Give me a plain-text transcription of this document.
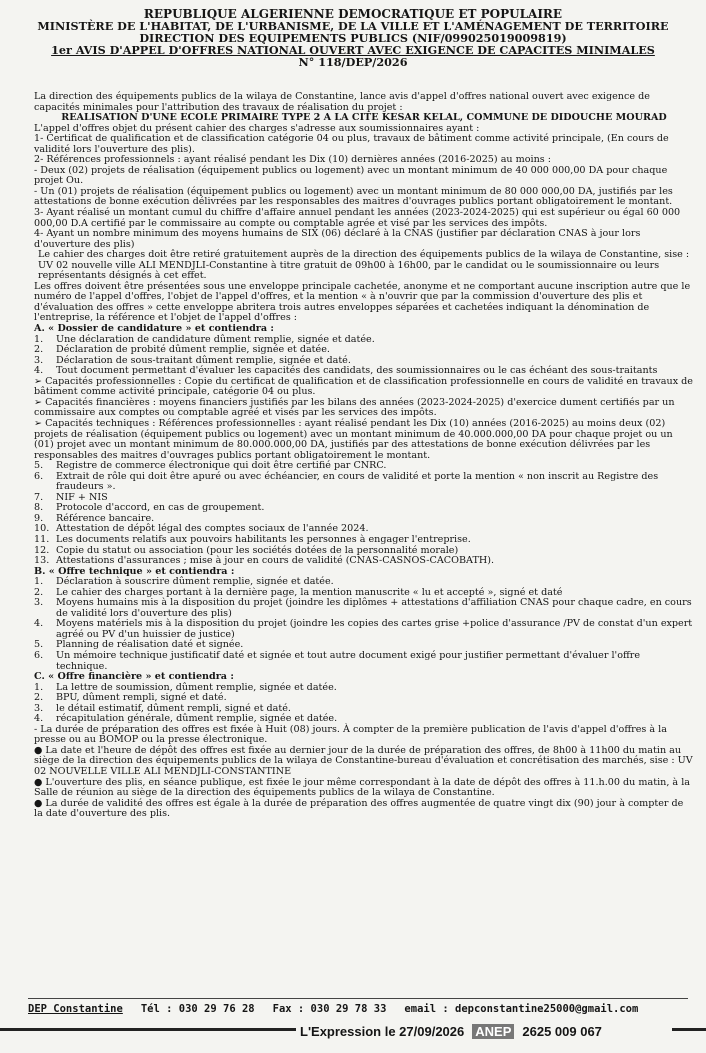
REPUBLIQUE ALGERIENNE DEMOCRATIQUE ET POPULAIRE
MINISTÈRE DE L'HABITAT, DE L'URBANISME, DE LA VILLE ET L'AMÉNAGEMENT DE TERRITOIRE
DIRECTION DES EQUIPEMENTS PUBLICS (NIF/099025019009819)
1er AVIS D'APPEL D'OFFRES NATIONAL OUVERT AVEC EXIGENCE DE CAPACITES MINIMALES
N° 118/DEP/2026

La direction des équipements publics de la wilaya de Constantine, lance avis d'appel d'offres national ouvert avec exigence de capacités minimales pour l'attribution des travaux de réalisation du projet :

REALISATION D'UNE ECOLE PRIMAIRE TYPE 2 A LA CITE KESAR KELAL, COMMUNE DE DIDOUCHE MOURAD

L'appel d'offres objet du présent cahier des charges s'adresse aux soumissionnaires ayant :

1- Certificat de qualification et de classification catégorie 04 ou plus, travaux de bâtiment comme activité principale, (En cours de validité lors l'ouverture des plis).

2- Références professionnels : ayant réalisé pendant les Dix (10) dernières années (2016-2025) au moins :

- Deux (02) projets de réalisation (équipement publics ou logement) avec un montant minimum de 40 000 000,00 DA pour chaque projet Ou.

- Un (01) projets de réalisation (équipement publics ou logement) avec un montant minimum de 80 000 000,00 DA, justifiés par les attestations de bonne exécution délivrées par les responsables des maitres d'ouvrages publics portant obligatoirement le montant.

3- Ayant réalisé un montant cumul du chiffre d'affaire annuel pendant les années (2023-2024-2025) qui est supérieur ou égal 60 000 000,00 D.A certifié par le commissaire au compte ou comptable agrée et visé par les services des impôts.

4- Ayant un nombre minimum des moyens humains de SIX (06) déclaré à la CNAS (justifier par déclaration CNAS à jour lors d'ouverture des plis)

Le cahier des charges doit être retiré gratuitement auprès de la direction des équipements publics de la wilaya de Constantine, sise : UV 02 nouvelle ville ALI MENDJLI-Constantine à titre gratuit de 09h00 à 16h00, par le candidat ou le soumissionnaire ou leurs représentants désignés à cet effet.

Les offres doivent être présentées sous une enveloppe principale cachetée, anonyme et ne comportant aucune inscription autre que le numéro de l'appel d'offres, l'objet de l'appel d'offres, et la mention « à n'ouvrir que par la commission d'ouverture des plis et d'évaluation des offres » cette enveloppe abritera trois autres enveloppes séparées et cachetées indiquant la dénomination de l'entreprise, la référence et l'objet de l'appel d'offres :

A. « Dossier de candidature » et contiendra :

1.	Une déclaration de candidature dûment remplie, signée et datée.
2.	Déclaration de probité dûment remplie, signée et datée.
3.	Déclaration de sous-traitant dûment remplie, signée et daté.
4.	Tout document permettant d'évaluer les capacités des candidats, des soumissionnaires ou le cas échéant des sous-traitants

➢ Capacités professionnelles : Copie du certificat de qualification et de classification professionnelle en cours de validité en travaux de bâtiment comme activité principale, catégorie 04 ou plus.

➢ Capacités financières : moyens financiers justifiés par les bilans des années (2023-2024-2025) d'exercice dument certifiés par un commissaire aux comptes ou comptable agréé et visés par les services des impôts.

➢ Capacités techniques : Références professionnelles : ayant réalisé pendant les Dix (10) années (2016-2025) au moins deux (02) projets de réalisation (équipement publics ou logement) avec un montant minimum de 40.000.000,00 DA pour chaque projet ou un (01) projet avec un montant minimum de 80.000.000,00 DA, justifiés par des attestations de bonne exécution délivrées par les responsables des maitres d'ouvrages publics portant obligatoirement le montant.

5.	Registre de commerce électronique qui doit être certifié par CNRC.
6.	Extrait de rôle qui doit être apuré ou avec échéancier, en cours de validité et porte la mention « non inscrit au Registre des fraudeurs ».
7.	NIF + NIS
8.	Protocole d'accord, en cas de groupement.
9.	Référence bancaire.
10. Attestation de dépôt légal des comptes sociaux de l'année 2024.
11. Les documents relatifs aux pouvoirs habilitants les personnes à engager l'entreprise.
12. Copie du statut ou association (pour les sociétés dotées de la personnalité morale)
13. Attestations d'assurances ; mise à jour en cours de validité (CNAS-CASNOS-CACOBATH).

B. « Offre technique » et contiendra :

1.	Déclaration à souscrire dûment remplie, signée et datée.
2.	Le cahier des charges portant à la dernière page, la mention manuscrite « lu et accepté », signé et daté
3.	Moyens humains mis à la disposition du projet (joindre les diplômes + attestations d'affiliation CNAS pour chaque cadre, en cours de validité lors d'ouverture des plis)
4.	Moyens matériels mis à la disposition du projet (joindre les copies des cartes grise +police d'assurance /PV de constat d'un expert agréé ou PV d'un huissier de justice)
5.	Planning de réalisation daté et signée.
6.	Un mémoire technique justificatif daté et signée et tout autre document exigé pour justifier permettant d'évaluer l'offre technique.

C. « Offre financière » et contiendra :

1.	La lettre de soumission, dûment remplie, signée et datée.
2.	BPU, dûment rempli, signé et daté.
3.	le détail estimatif, dûment rempli, signé et daté.
4.	récapitulation générale, dûment remplie, signée et datée.

- La durée de préparation des offres est fixée à Huit (08) jours. À compter de la première publication de l'avis d'appel d'offres à la presse ou au BOMOP ou la presse électronique.

● La date et l'heure de dépôt des offres est fixée au dernier jour de la durée de préparation des offres, de 8h00 à 11h00 du matin au siège de la direction des équipements publics de la wilaya de Constantine-bureau d'évaluation et concrétisation des marchés, sise : UV 02 NOUVELLE VILLE ALI MENDJLI-CONSTANTINE

● L'ouverture des plis, en séance publique, est fixée le jour même correspondant à la date de dépôt des offres à 11.h.00 du matin, à la Salle de réunion au siège de la direction des équipements publics de la wilaya de Constantine.

● La durée de validité des offres est égale à la durée de préparation des offres augmentée de quatre vingt dix (90) jour à compter de la date d'ouverture des plis.

DEP Constantine Tél : 030 29 76 28 Fax : 030 29 78 33 email : depconstantine25000@gmail.com
L'Expression le 27/09/2026 ANEP 2625 009 067
